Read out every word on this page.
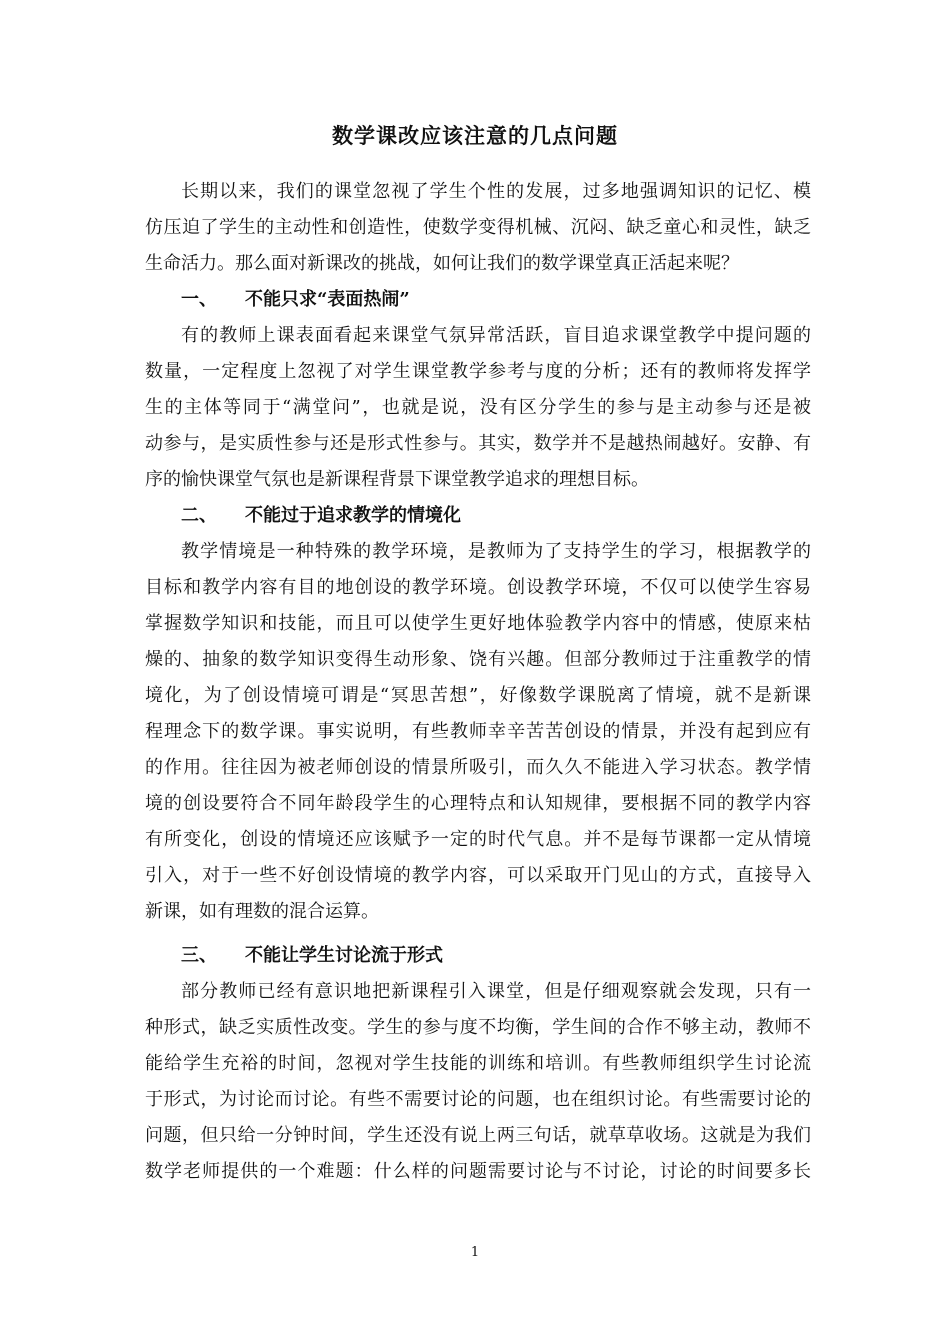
数学课改应该注意的几点问题
长期以来，我们的课堂忽视了学生个性的发展，过多地强调知识的记忆、模
仿压迫了学生的主动性和创造性，使数学变得机械、沉闷、缺乏童心和灵性，缺乏
生命活力。那么面对新课改的挑战，如何让我们的数学课堂真正活起来呢？
一、 不能只求“表面热闹”
有的教师上课表面看起来课堂气氛异常活跃，盲目追求课堂教学中提问题的
数量，一定程度上忽视了对学生课堂教学参考与度的分析；还有的教师将发挥学
生的主体等同于“满堂问”，也就是说，没有区分学生的参与是主动参与还是被
动参与，是实质性参与还是形式性参与。其实，数学并不是越热闹越好。安静、有
序的愉快课堂气氛也是新课程背景下课堂教学追求的理想目标。
二、 不能过于追求教学的情境化
教学情境是一种特殊的教学环境，是教师为了支持学生的学习，根据教学的
目标和教学内容有目的地创设的教学环境。创设教学环境，不仅可以使学生容易
掌握数学知识和技能，而且可以使学生更好地体验教学内容中的情感，使原来枯
燥的、抽象的数学知识变得生动形象、饶有兴趣。但部分教师过于注重教学的情
境化，为了创设情境可谓是“冥思苦想”，好像数学课脱离了情境，就不是新课
程理念下的数学课。事实说明，有些教师幸辛苦苦创设的情景，并没有起到应有
的作用。往往因为被老师创设的情景所吸引，而久久不能进入学习状态。教学情
境的创设要符合不同年龄段学生的心理特点和认知规律，要根据不同的教学内容
有所变化，创设的情境还应该赋予一定的时代气息。并不是每节课都一定从情境
引入，对于一些不好创设情境的教学内容，可以采取开门见山的方式，直接导入
新课，如有理数的混合运算。
三、 不能让学生讨论流于形式
部分教师已经有意识地把新课程引入课堂，但是仔细观察就会发现，只有一
种形式，缺乏实质性改变。学生的参与度不均衡，学生间的合作不够主动，教师不
能给学生充裕的时间，忽视对学生技能的训练和培训。有些教师组织学生讨论流
于形式，为讨论而讨论。有些不需要讨论的问题，也在组织讨论。有些需要讨论的
问题，但只给一分钟时间，学生还没有说上两三句话，就草草收场。这就是为我们
数学老师提供的一个难题：什么样的问题需要讨论与不讨论，讨论的时间要多长
1
